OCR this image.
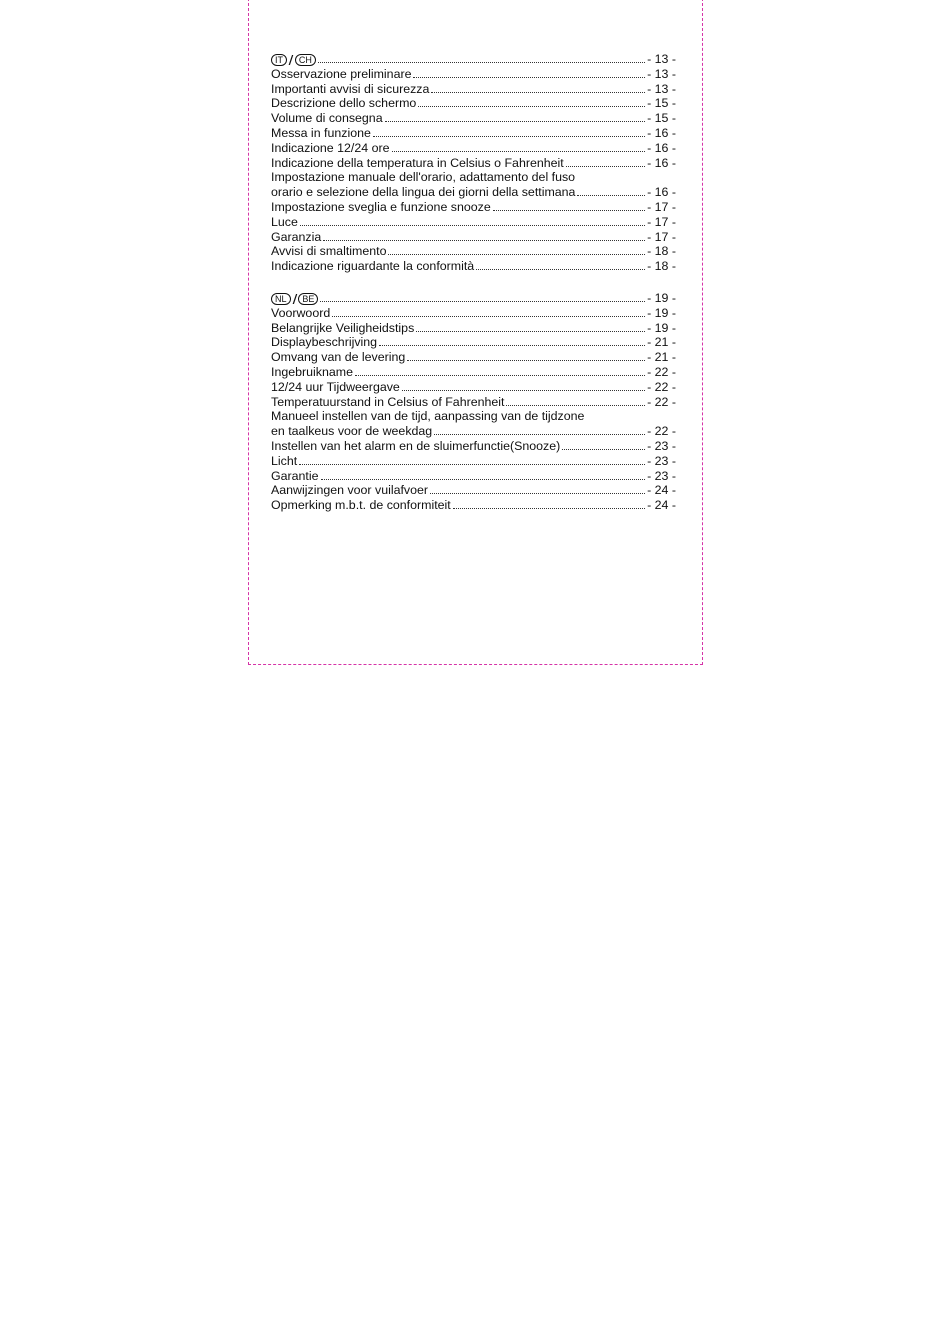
IT / CH	- 13 -
Osservazione preliminare	- 13 -
Importanti avvisi di sicurezza	- 13 -
Descrizione dello schermo	- 15 -
Volume di consegna	- 15 -
Messa in funzione	- 16 -
Indicazione 12/24 ore	- 16 -
Indicazione della temperatura in Celsius o Fahrenheit	- 16 -
Impostazione manuale dell'orario, adattamento del fuso
orario e selezione della lingua dei giorni della settimana	- 16 -
Impostazione sveglia e funzione snooze	- 17 -
Luce	- 17 -
Garanzia	- 17 -
Avvisi di smaltimento	- 18 -
Indicazione riguardante la conformità	- 18 -
NL / BE	- 19 -
Voorwoord	- 19 -
Belangrijke Veiligheidstips	- 19 -
Displaybeschrijving	- 21 -
Omvang van de levering	- 21 -
Ingebruikname	- 22 -
12/24 uur Tijdweergave	- 22 -
Temperatuurstand in Celsius of Fahrenheit	- 22 -
Manueel instellen van de tijd, aanpassing van de tijdzone
en taalkeus voor de weekdag	- 22 -
Instellen van het alarm en de sluimerfunctie(Snooze)	- 23 -
Licht	- 23 -
Garantie	- 23 -
Aanwijzingen voor vuilafvoer	- 24 -
Opmerking m.b.t. de conformiteit	- 24 -
